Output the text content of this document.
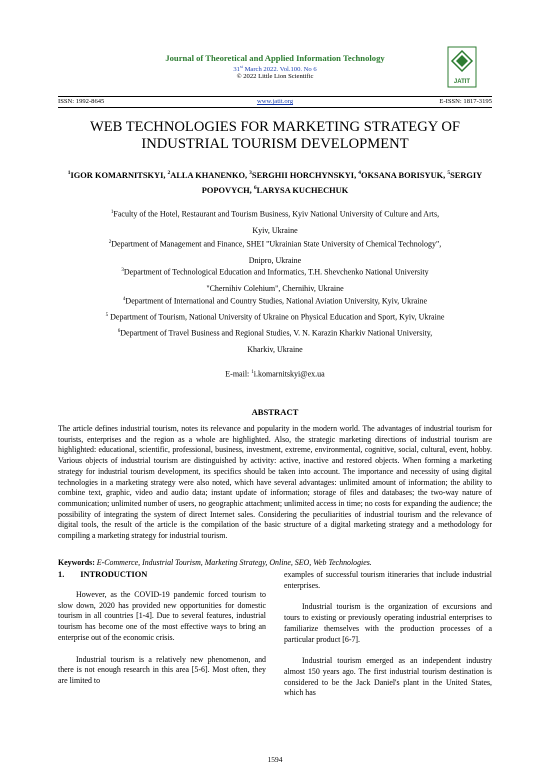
Journal of Theoretical and Applied Information Technology
31st March 2022. Vol.100. No 6
© 2022 Little Lion Scientific
JATIT
ISSN: 1992-8645	www.jatit.org	E-ISSN: 1817-3195
WEB TECHNOLOGIES FOR MARKETING STRATEGY OF
INDUSTRIAL TOURISM DEVELOPMENT
$^1$IGOR KOMARNITSKYI, $^2$ALLA KHANENKO, $^3$SERGHII HORCHYNSKYI, $^4$OKSANA BORISYUK, $^5$SERGIY POPOVYCH, $^6$LARYSA KUCHECHUK
$^1$Faculty of the Hotel, Restaurant and Tourism Business, Kyiv National University of Culture and Arts,
Kyiv, Ukraine
$^2$Department of Management and Finance, SHEI "Ukrainian State University of Chemical Technology",
Dnipro, Ukraine
$^3$Department of Technological Education and Informatics, T.H. Shevchenko National University
"Chernihiv Colehium", Chernihiv, Ukraine
$^4$Department of International and Country Studies, National Aviation University, Kyiv, Ukraine
$^5$ Department of Tourism, National University of Ukraine on Physical Education and Sport, Kyiv, Ukraine
$^6$Department of Travel Business and Regional Studies, V. N. Karazin Kharkiv National University,
Kharkiv, Ukraine
E-mail: $^1$i.komarnitskyi@ex.ua
ABSTRACT
The article defines industrial tourism, notes its relevance and popularity in the modern world. The advantages of industrial tourism for tourists, enterprises and the region as a whole are highlighted. Also, the strategic marketing directions of industrial tourism are highlighted: educational, scientific, professional, business, investment, extreme, environmental, cognitive, social, cultural, event, hobby. Various objects of industrial tourism are distinguished by activity: active, inactive and restored objects. When forming a marketing strategy for industrial tourism development, its specifics should be taken into account. The importance and necessity of using digital technologies in a marketing strategy were also noted, which have several advantages: unlimited amount of information; the ability to combine text, graphic, video and audio data; instant update of information; storage of files and databases; the two-way nature of communication; unlimited number of users, no geographic attachment; unlimited access in time; no costs for expanding the audience; the possibility of integrating the system of direct Internet sales. Considering the peculiarities of industrial tourism and the relevance of digital tools, the result of the article is the compilation of the basic structure of a digital marketing strategy and a methodology for compiling a marketing strategy for industrial tourism.
Keywords: E-Commerce, Industrial Tourism, Marketing Strategy, Online, SEO, Web Technologies.
1. INTRODUCTION

However, as the COVID-19 pandemic forced tourism to slow down, 2020 has provided new opportunities for domestic tourism in all countries [1-4]. Due to several features, industrial tourism has become one of the most effective ways to bring an enterprise out of the economic crisis.

Industrial tourism is a relatively new phenomenon, and there is not enough research in this area [5-6]. Most often, they are limited to

examples of successful tourism itineraries that include industrial enterprises.

Industrial tourism is the organization of excursions and tours to existing or previously operating industrial enterprises to familiarize themselves with the production processes of a particular product [6-7].

Industrial tourism emerged as an independent industry almost 150 years ago. The first industrial tourism destination is considered to be the Jack Daniel's plant in the United States, which has

1594
